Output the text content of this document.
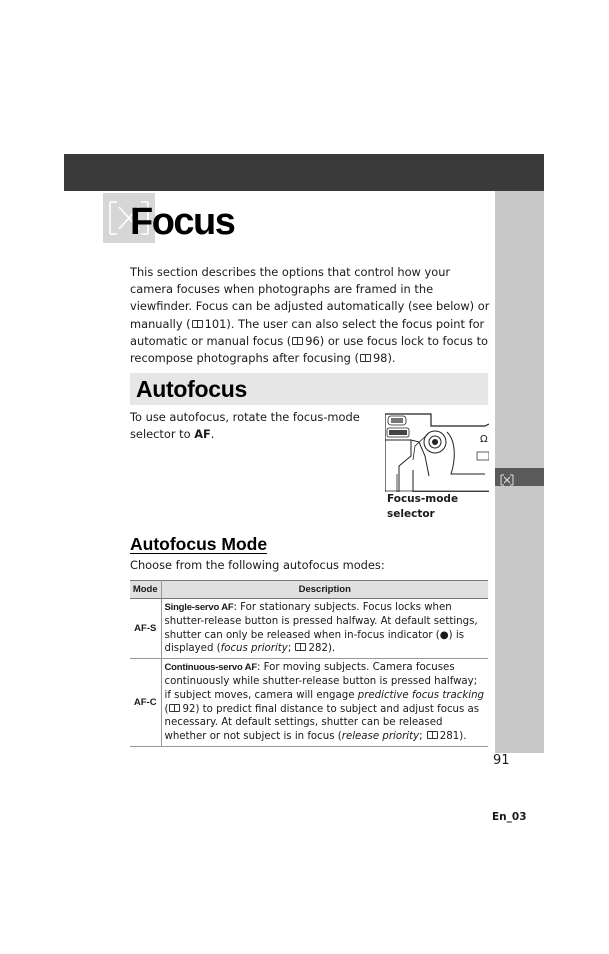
Focus

This section describes the options that control how your camera focuses when photographs are framed in the viewfinder. Focus can be adjusted automatically (see below) or manually ( 101). The user can also select the focus point for automatic or manual focus ( 96) or use focus lock to focus to recompose photographs after focusing ( 98).

Autofocus

To use autofocus, rotate the focus-mode selector to AF.	Ω
Focus-mode selector
Autofocus Mode
Choose from the following autofocus modes:
Mode	Description
AF-S	Single-servo AF: For stationary subjects. Focus locks when shutter-release button is pressed halfway. At default settings, shutter can only be released when in-focus indicator (●) is displayed (focus priority; 282).
AF-C	Continuous-servo AF: For moving subjects. Camera focuses continuously while shutter-release button is pressed halfway; if subject moves, camera will engage predictive focus tracking ( 92) to predict final distance to subject and adjust focus as necessary. At default settings, shutter can be released whether or not subject is in focus (release priority; 281).
91
En_03
